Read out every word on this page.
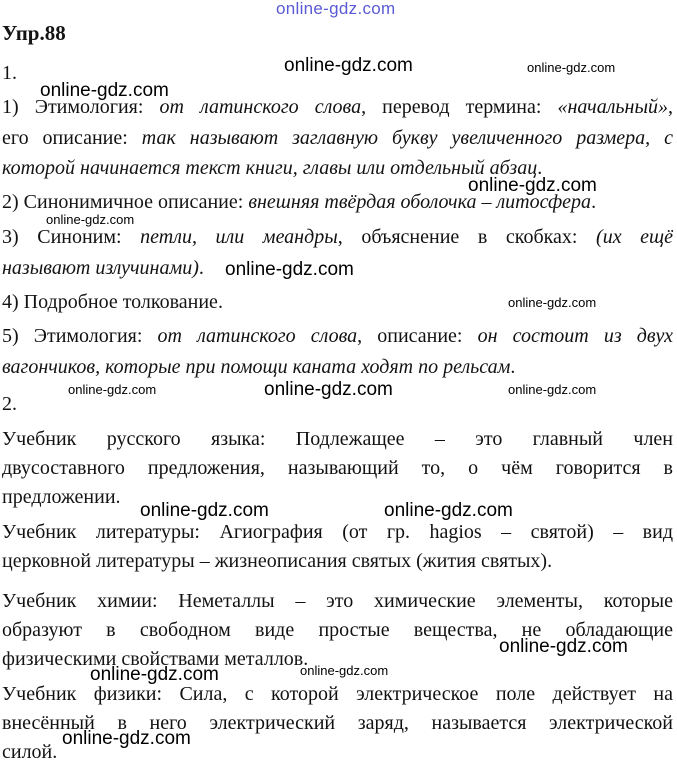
online-gdz.com
Упр.88
1.
1) Этимология: от латинского слова, перевод термина: «начальный»,
его описание: так называют заглавную букву увеличенного размера, с
которой начинается текст книги, главы или отдельный абзац.
2) Синонимичное описание: внешняя твёрдая оболочка – литосфера.
3) Синоним: петли, или меандры, объяснение в скобках: (их ещё
называют излучинами).
4) Подробное толкование.
5) Этимология: от латинского слова, описание: он состоит из двух
вагончиков, которые при помощи каната ходят по рельсам.
2.
Учебник русского языка: Подлежащее – это главный член
двусоставного предложения, называющий то, о чём говорится в
предложении.
Учебник литературы: Агиография (от гр. hagios – святой) – вид
церковной литературы – жизнеописания святых (жития святых).
Учебник химии: Неметаллы – это химические элементы, которые
образуют в свободном виде простые вещества, не обладающие
физическими свойствами металлов.
Учебник физики: Сила, с которой электрическое поле действует на
внесённый в него электрический заряд, называется электрической
силой.
online-gdz.com	online-gdz.com
online-gdz.com
online-gdz.com
online-gdz.com
online-gdz.com
online-gdz.com
online-gdz.com	online-gdz.com	online-gdz.com
online-gdz.com	online-gdz.com
online-gdz.com
online-gdz.com
online-gdz.com
online-gdz.com
